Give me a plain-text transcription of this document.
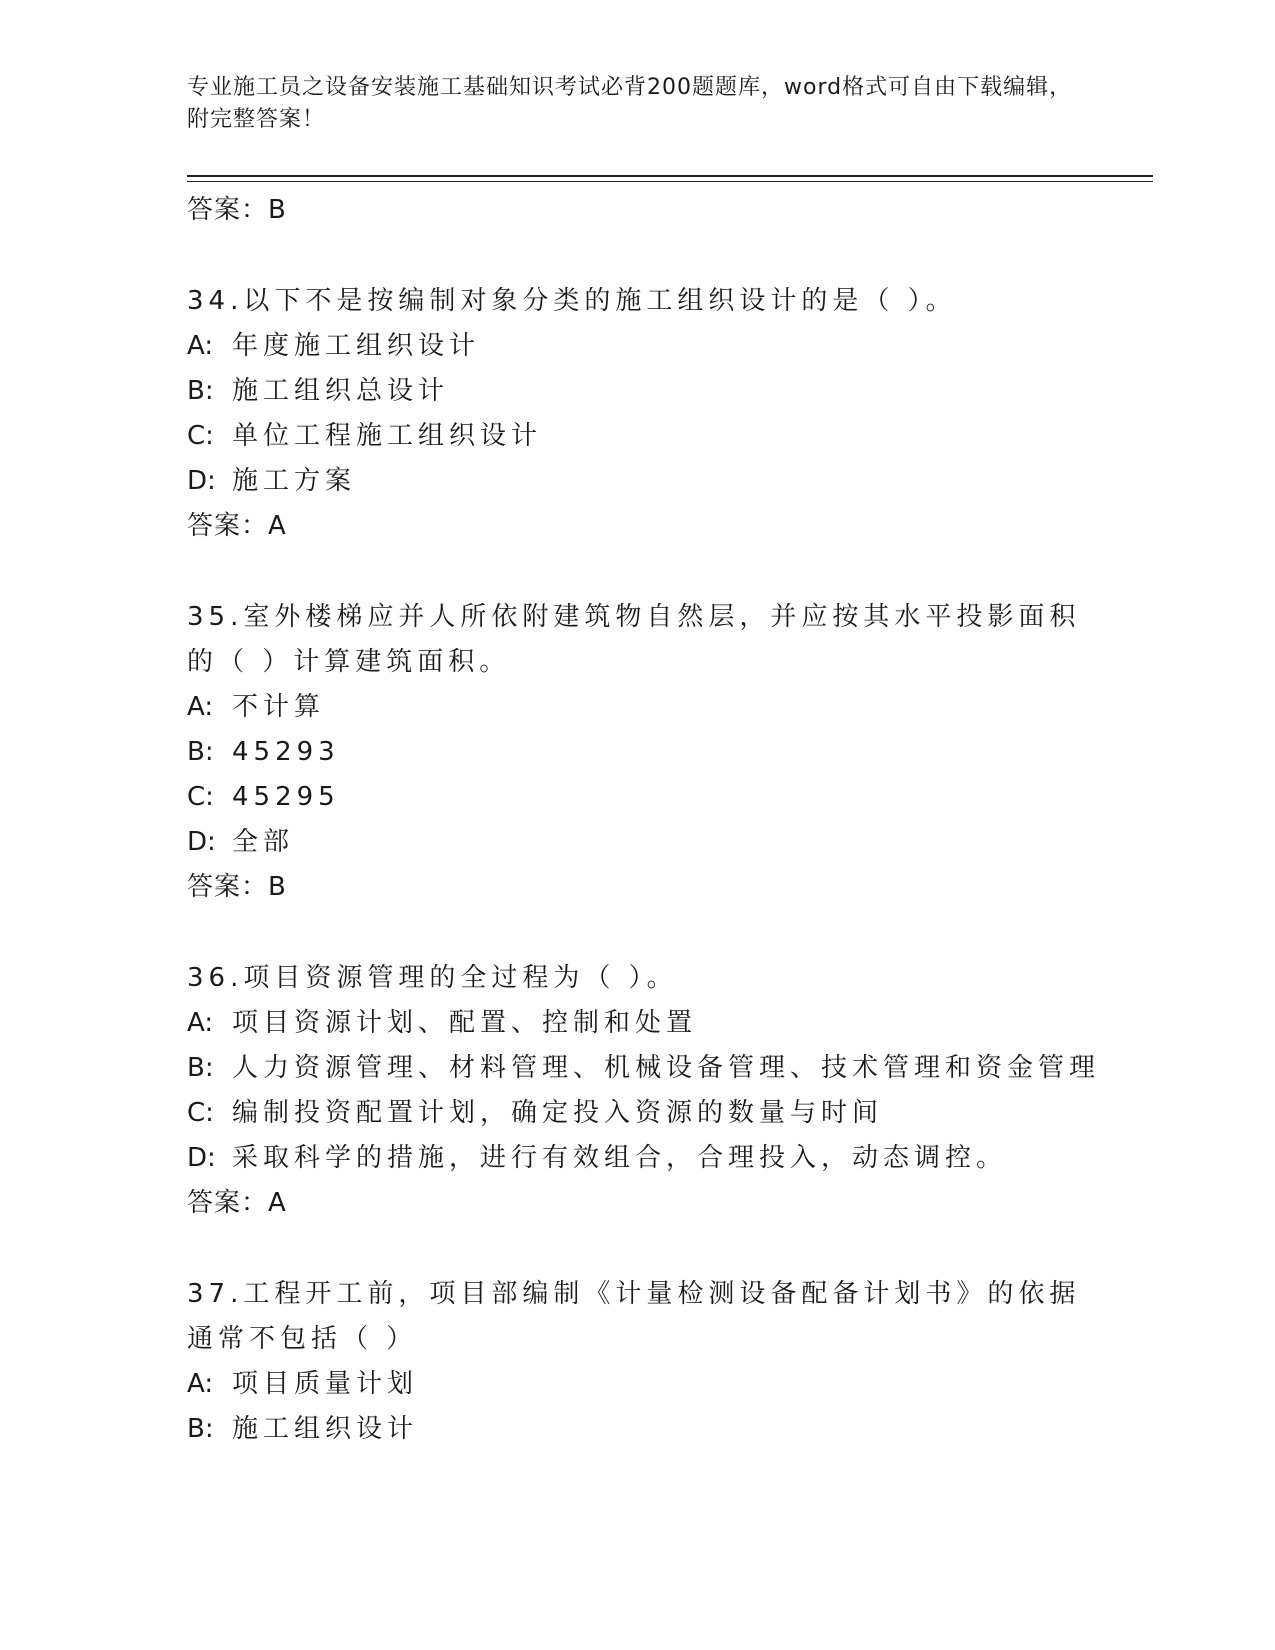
专业施工员之设备安装施工基础知识考试必背200题题库，word格式可自由下载编辑，附完整答案！
答案：B
34.以下不是按编制对象分类的施工组织设计的是（ ）。
A: 年度施工组织设计
B: 施工组织总设计
C: 单位工程施工组织设计
D: 施工方案
答案：A
35.室外楼梯应并人所依附建筑物自然层，并应按其水平投影面积的（ ）计算建筑面积。
A: 不计算
B: 45293
C: 45295
D: 全部
答案：B
36.项目资源管理的全过程为（ ）。
A: 项目资源计划、配置、控制和处置
B: 人力资源管理、材料管理、机械设备管理、技术管理和资金管理
C: 编制投资配置计划，确定投入资源的数量与时间
D: 采取科学的措施，进行有效组合，合理投入，动态调控。
答案：A
37.工程开工前，项目部编制《计量检测设备配备计划书》的依据通常不包括（ ）
A: 项目质量计划
B: 施工组织设计
